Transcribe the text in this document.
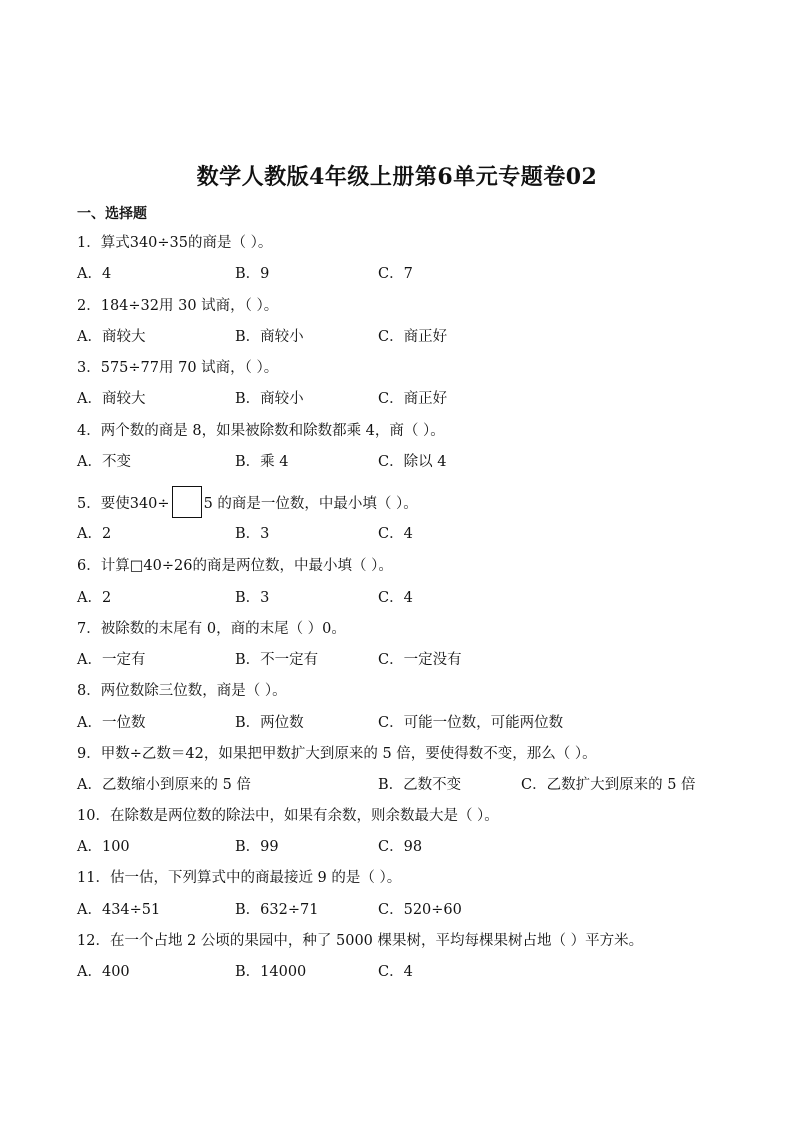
数学人教版4年级上册第6单元专题卷02
一、选择题
1．算式340÷35的商是（ ）。
A．4	B．9	C．7
2．184÷32用 30 试商，（ ）。
A．商较大	B．商较小	C．商正好
3．575÷77用 70 试商，（ ）。
A．商较大	B．商较小	C．商正好
4．两个数的商是 8，如果被除数和除数都乘 4，商（ ）。
A．不变	B．乘 4	C．除以 4
5．要使340÷ 5 的商是一位数，中最小填（ ）。
A．2	B．3	C．4
6．计算□40÷26的商是两位数，中最小填（ ）。
A．2	B．3	C．4
7．被除数的末尾有 0，商的末尾（ ）0。
A．一定有	B．不一定有	C．一定没有
8．两位数除三位数，商是（ ）。
A．一位数	B．两位数	C．可能一位数，可能两位数
9．甲数÷乙数＝42，如果把甲数扩大到原来的 5 倍，要使得数不变，那么（ ）。
A．乙数缩小到原来的 5 倍	B．乙数不变	C．乙数扩大到原来的 5 倍
10．在除数是两位数的除法中，如果有余数，则余数最大是（ ）。
A．100	B．99	C．98
11．估一估，下列算式中的商最接近 9 的是（ ）。
A．434÷51	B．632÷71	C．520÷60
12．在一个占地 2 公顷的果园中，种了 5000 棵果树，平均每棵果树占地（ ）平方米。
A．400	B．14000	C．4
